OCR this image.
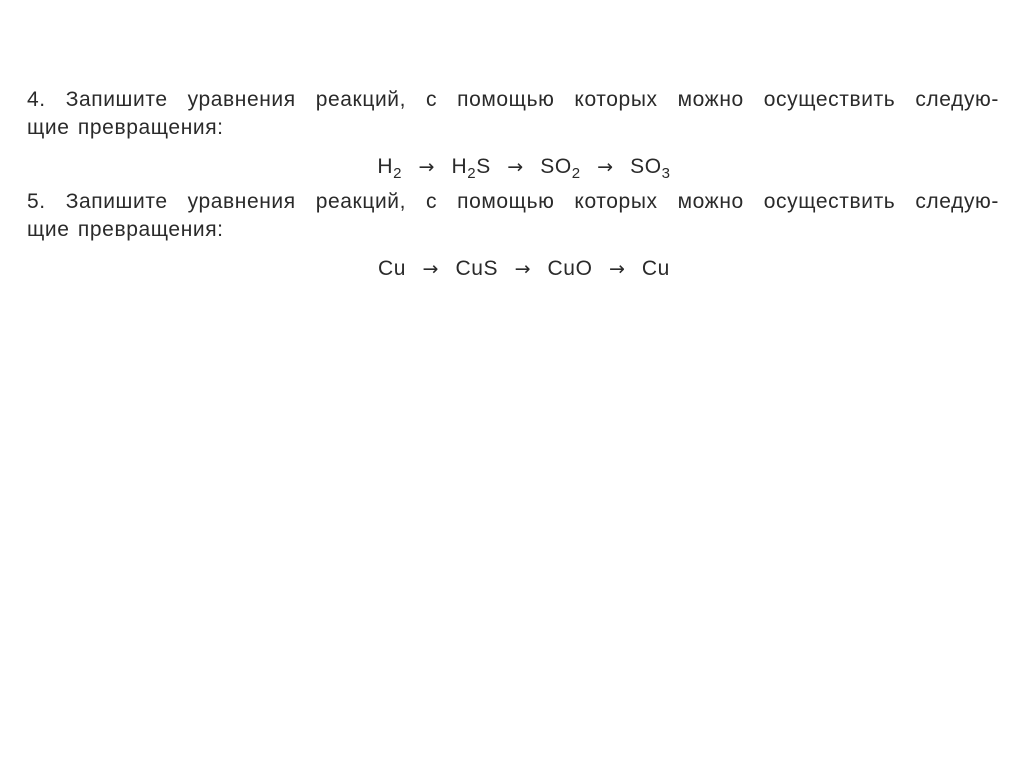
4. Запишите уравнения реакций, с помощью которых можно осуществить следую-
щие превращения:

$H_2 \to H_2S \to SO_2 \to SO_3$

5. Запишите уравнения реакций, с помощью которых можно осуществить следую-
щие превращения:

Cu → CuS → CuO → Cu
